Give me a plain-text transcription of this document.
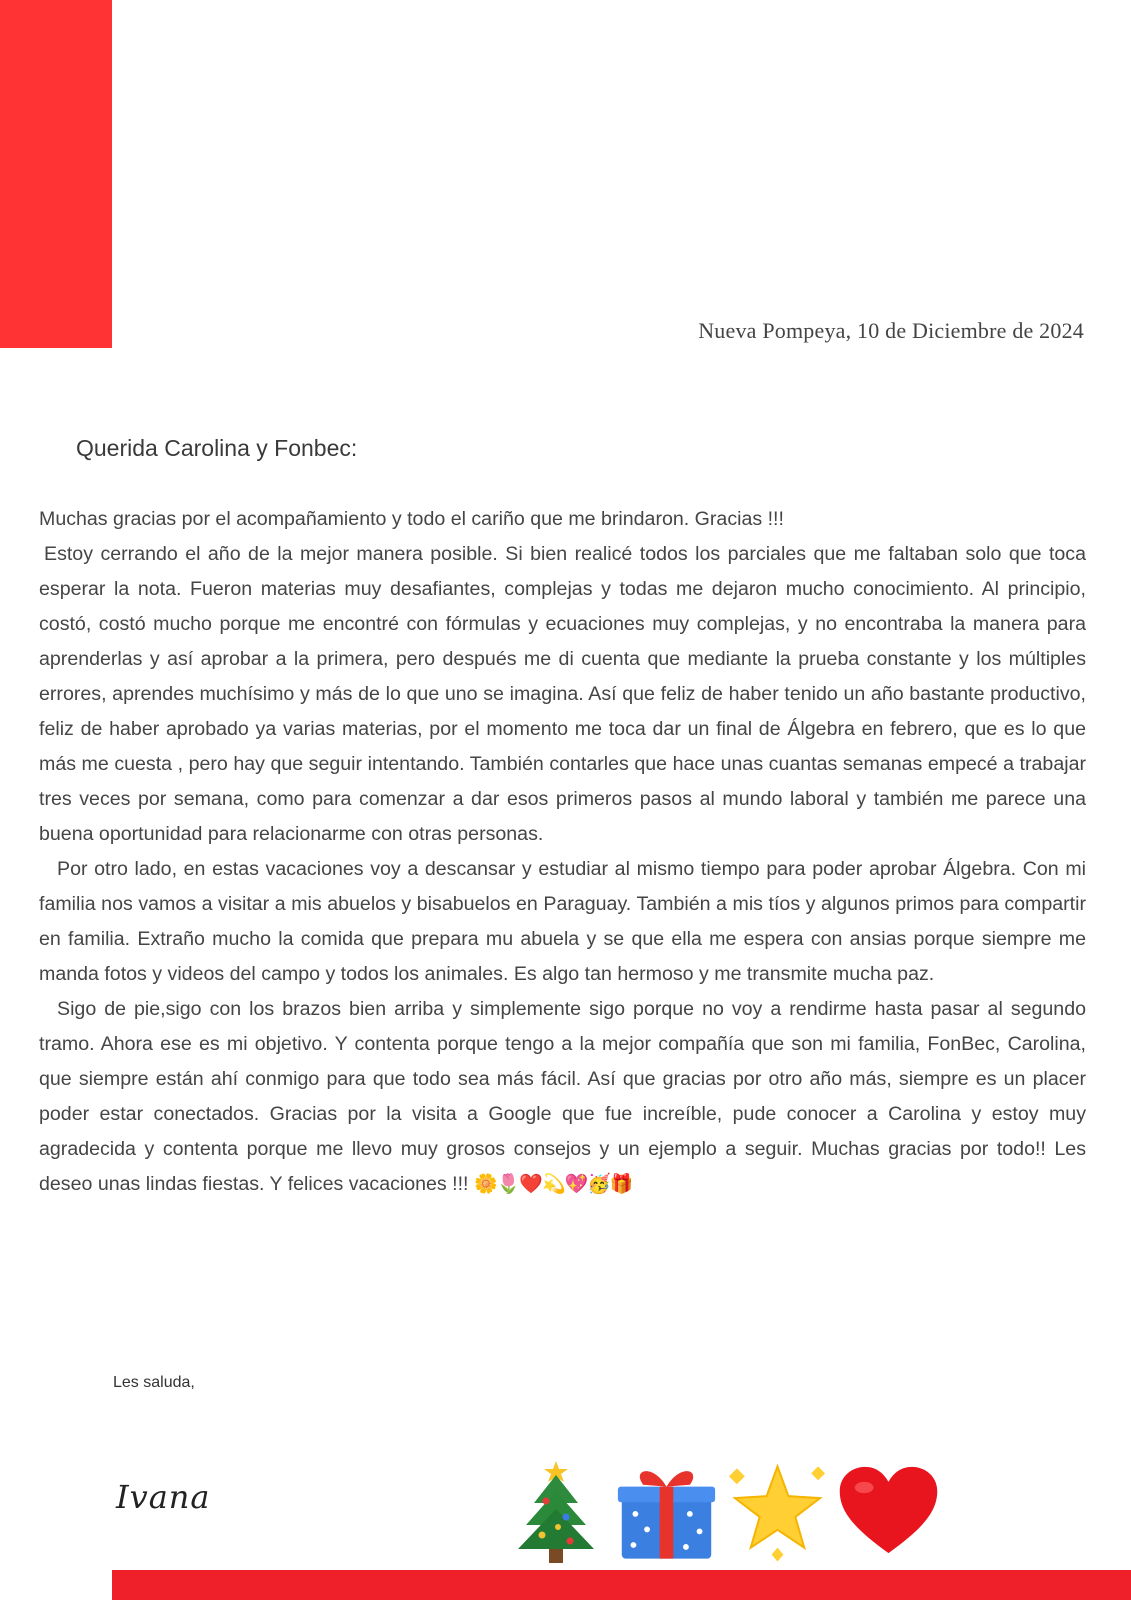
Nueva Pompeya, 10 de Diciembre de 2024
Querida Carolina y Fonbec:

Muchas gracias por el acompañamiento y todo el cariño que me brindaron. Gracias !!!

Estoy cerrando el año de la mejor manera posible. Si bien realicé todos los parciales que me faltaban solo que toca esperar la nota. Fueron materias muy desafiantes, complejas y todas me dejaron mucho conocimiento. Al principio, costó, costó mucho porque me encontré con fórmulas y ecuaciones muy complejas, y no encontraba la manera para aprenderlas y así aprobar a la primera, pero después me di cuenta que mediante la prueba constante y los múltiples errores, aprendes muchísimo y más de lo que uno se imagina. Así que feliz de haber tenido un año bastante productivo, feliz de haber aprobado ya varias materias, por el momento me toca dar un final de Álgebra en febrero, que es lo que más me cuesta , pero hay que seguir intentando. También contarles que hace unas cuantas semanas empecé a trabajar tres veces por semana, como para comenzar a dar esos primeros pasos al mundo laboral y también me parece una buena oportunidad para relacionarme con otras personas.

Por otro lado, en estas vacaciones voy a descansar y estudiar al mismo tiempo para poder aprobar Álgebra. Con mi familia nos vamos a visitar a mis abuelos y bisabuelos en Paraguay. También a mis tíos y algunos primos para compartir en familia. Extraño mucho la comida que prepara mu abuela y se que ella me espera con ansias porque siempre me manda fotos y videos del campo y todos los animales. Es algo tan hermoso y me transmite mucha paz.

Sigo de pie,sigo con los brazos bien arriba y simplemente sigo porque no voy a rendirme hasta pasar al segundo tramo. Ahora ese es mi objetivo. Y contenta porque tengo a la mejor compañía que son mi familia, FonBec, Carolina, que siempre están ahí conmigo para que todo sea más fácil. Así que gracias por otro año más, siempre es un placer poder estar conectados. Gracias por la visita a Google que fue increíble, pude conocer a Carolina y estoy muy agradecida y contenta porque me llevo muy grosos consejos y un ejemplo a seguir. Muchas gracias por todo!! Les deseo unas lindas fiestas. Y felices vacaciones !!! 🌼🌷❤️💫💖🥳🎁

Les saluda,
Ivana
